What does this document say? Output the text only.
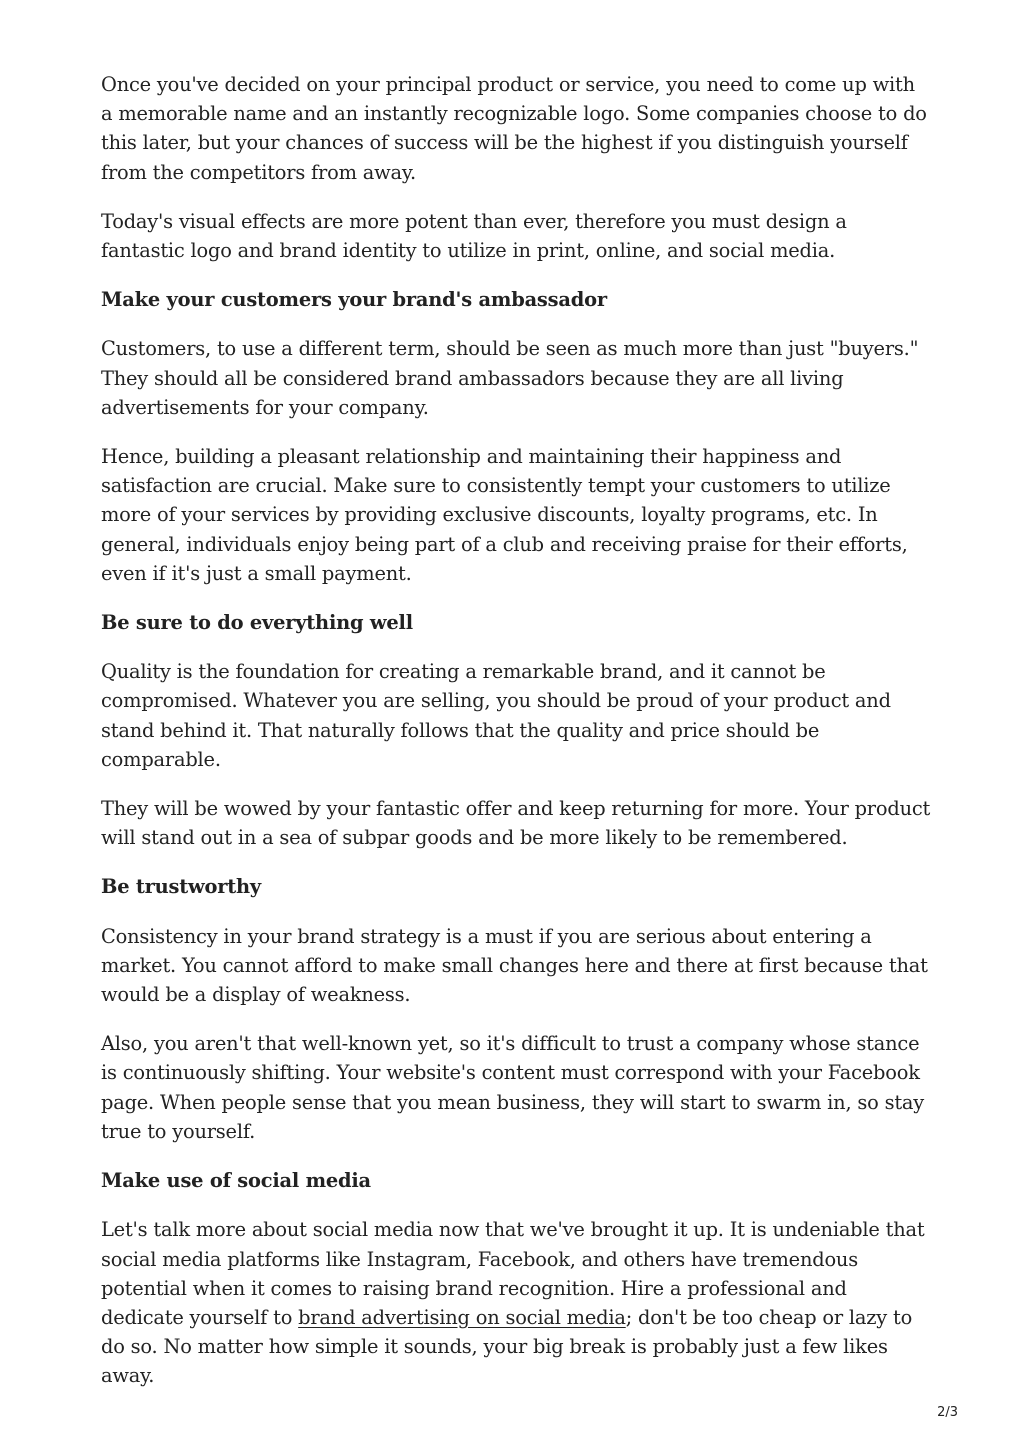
Once you've decided on your principal product or service, you need to come up with a memorable name and an instantly recognizable logo. Some companies choose to do this later, but your chances of success will be the highest if you distinguish yourself from the competitors from away.

Today's visual effects are more potent than ever, therefore you must design a fantastic logo and brand identity to utilize in print, online, and social media.

Make your customers your brand's ambassador

Customers, to use a different term, should be seen as much more than just "buyers." They should all be considered brand ambassadors because they are all living advertisements for your company.

Hence, building a pleasant relationship and maintaining their happiness and satisfaction are crucial. Make sure to consistently tempt your customers to utilize more of your services by providing exclusive discounts, loyalty programs, etc. In general, individuals enjoy being part of a club and receiving praise for their efforts, even if it's just a small payment.

Be sure to do everything well

Quality is the foundation for creating a remarkable brand, and it cannot be compromised. Whatever you are selling, you should be proud of your product and stand behind it. That naturally follows that the quality and price should be comparable.

They will be wowed by your fantastic offer and keep returning for more. Your product will stand out in a sea of subpar goods and be more likely to be remembered.

Be trustworthy

Consistency in your brand strategy is a must if you are serious about entering a market. You cannot afford to make small changes here and there at first because that would be a display of weakness.

Also, you aren't that well-known yet, so it's difficult to trust a company whose stance is continuously shifting. Your website's content must correspond with your Facebook page. When people sense that you mean business, they will start to swarm in, so stay true to yourself.

Make use of social media

Let's talk more about social media now that we've brought it up. It is undeniable that social media platforms like Instagram, Facebook, and others have tremendous potential when it comes to raising brand recognition. Hire a professional and dedicate yourself to brand advertising on social media; don't be too cheap or lazy to do so. No matter how simple it sounds, your big break is probably just a few likes away.

2/3
